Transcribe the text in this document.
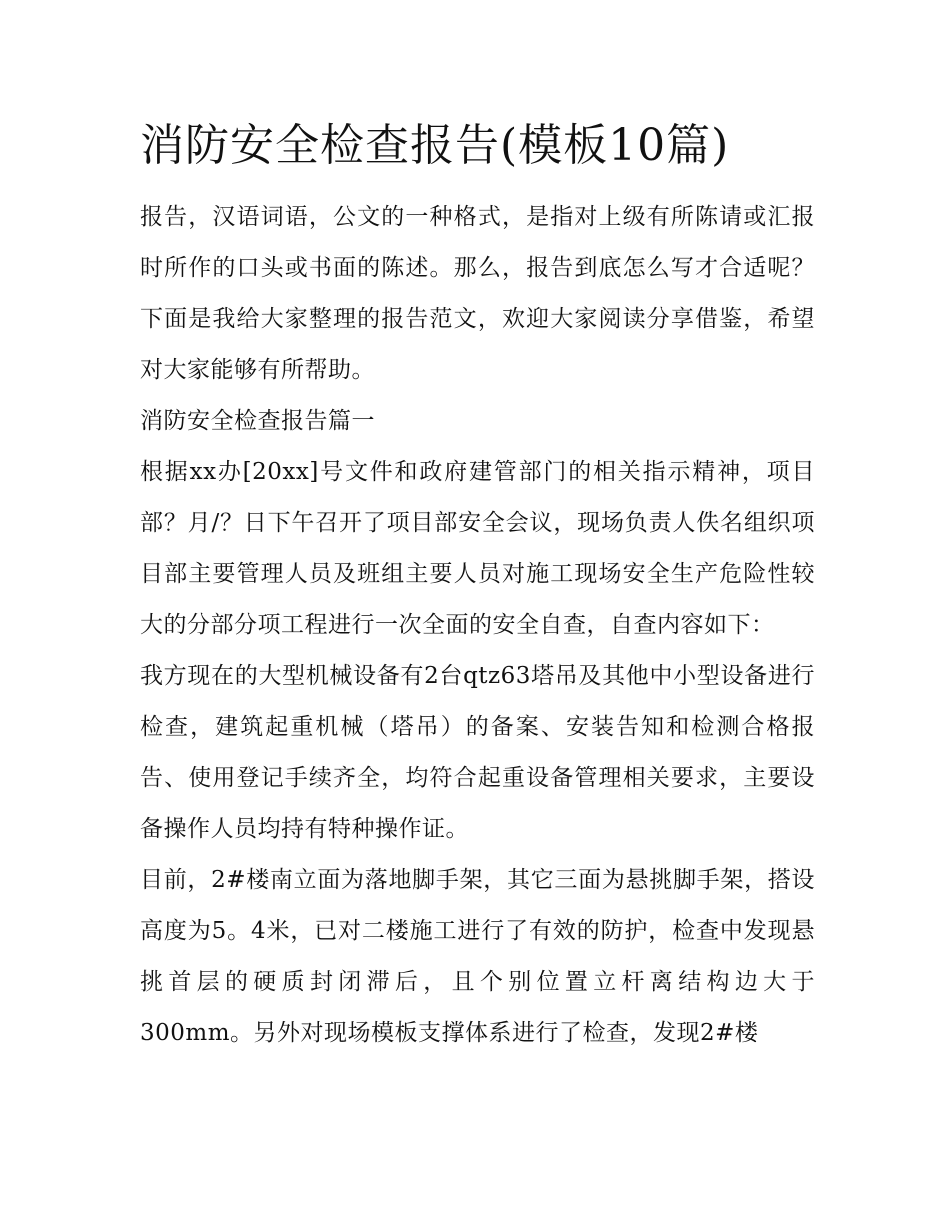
消防安全检查报告(模板10篇)

报告，汉语词语，公文的一种格式，是指对上级有所陈请或汇报时所作的口头或书面的陈述。那么，报告到底怎么写才合适呢？下面是我给大家整理的报告范文，欢迎大家阅读分享借鉴，希望对大家能够有所帮助。

消防安全检查报告篇一

根据xx办[20xx]号文件和政府建管部门的相关指示精神，项目部？月/？日下午召开了项目部安全会议，现场负责人佚名组织项目部主要管理人员及班组主要人员对施工现场安全生产危险性较大的分部分项工程进行一次全面的安全自查，自查内容如下：

我方现在的大型机械设备有2台qtz63塔吊及其他中小型设备进行检查，建筑起重机械（塔吊）的备案、安装告知和检测合格报告、使用登记手续齐全，均符合起重设备管理相关要求，主要设备操作人员均持有特种操作证。

目前，2#楼南立面为落地脚手架，其它三面为悬挑脚手架，搭设高度为5。4米，已对二楼施工进行了有效的防护，检查中发现悬挑首层的硬质封闭滞后，且个别位置立杆离结构边大于300mm。另外对现场模板支撑体系进行了检查，发现2#楼
